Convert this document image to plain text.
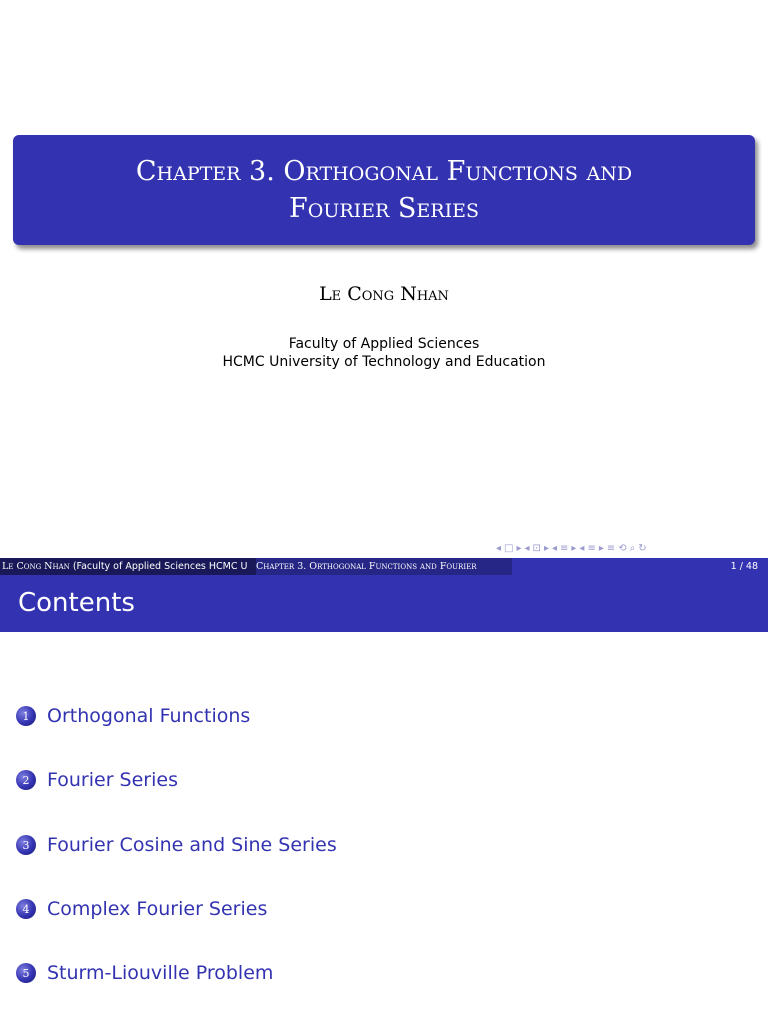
Chapter 3. Orthogonal Functions and
Fourier Series
Le Cong Nhan
Faculty of Applied Sciences
HCMC University of Technology and Education
◂ □ ▸ ◂ ⊡ ▸ ◂ ≡ ▸ ◂ ≡ ▸ ≡ ⟲ ⌕ ↻
Le Cong Nhan (Faculty of Applied Sciences HCMC U Chapter 3. Orthogonal Functions and Fourier	1 / 48
Contents
1 Orthogonal Functions
2 Fourier Series
3 Fourier Cosine and Sine Series
4 Complex Fourier Series
5 Sturm-Liouville Problem
